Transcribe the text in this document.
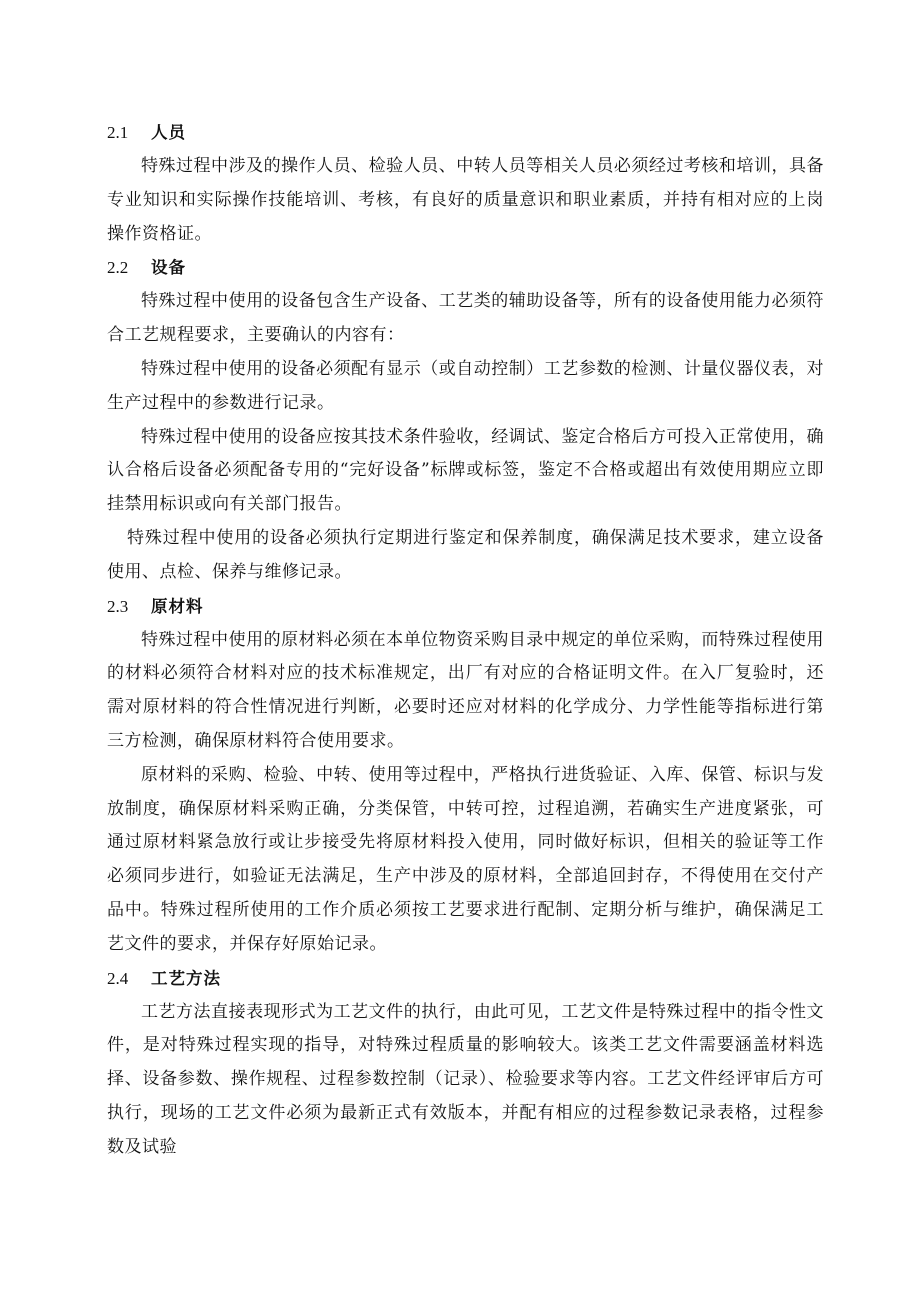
2.1 人员

特殊过程中涉及的操作人员、检验人员、中转人员等相关人员必须经过考核和培训，具备专业知识和实际操作技能培训、考核，有良好的质量意识和职业素质，并持有相对应的上岗操作资格证。

2.2 设备

特殊过程中使用的设备包含生产设备、工艺类的辅助设备等，所有的设备使用能力必须符合工艺规程要求，主要确认的内容有：

特殊过程中使用的设备必须配有显示（或自动控制）工艺参数的检测、计量仪器仪表，对生产过程中的参数进行记录。

特殊过程中使用的设备应按其技术条件验收，经调试、鉴定合格后方可投入正常使用，确认合格后设备必须配备专用的“完好设备”标牌或标签，鉴定不合格或超出有效使用期应立即挂禁用标识或向有关部门报告。

特殊过程中使用的设备必须执行定期进行鉴定和保养制度，确保满足技术要求，建立设备使用、点检、保养与维修记录。

2.3 原材料

特殊过程中使用的原材料必须在本单位物资采购目录中规定的单位采购，而特殊过程使用的材料必须符合材料对应的技术标准规定，出厂有对应的合格证明文件。在入厂复验时，还需对原材料的符合性情况进行判断，必要时还应对材料的化学成分、力学性能等指标进行第三方检测，确保原材料符合使用要求。

原材料的采购、检验、中转、使用等过程中，严格执行进货验证、入库、保管、标识与发放制度，确保原材料采购正确，分类保管，中转可控，过程追溯，若确实生产进度紧张，可通过原材料紧急放行或让步接受先将原材料投入使用，同时做好标识，但相关的验证等工作必须同步进行，如验证无法满足，生产中涉及的原材料，全部追回封存，不得使用在交付产品中。特殊过程所使用的工作介质必须按工艺要求进行配制、定期分析与维护，确保满足工艺文件的要求，并保存好原始记录。

2.4 工艺方法

工艺方法直接表现形式为工艺文件的执行，由此可见，工艺文件是特殊过程中的指令性文件，是对特殊过程实现的指导，对特殊过程质量的影响较大。该类工艺文件需要涵盖材料选择、设备参数、操作规程、过程参数控制（记录）、检验要求等内容。工艺文件经评审后方可执行，现场的工艺文件必须为最新正式有效版本，并配有相应的过程参数记录表格，过程参数及试验
